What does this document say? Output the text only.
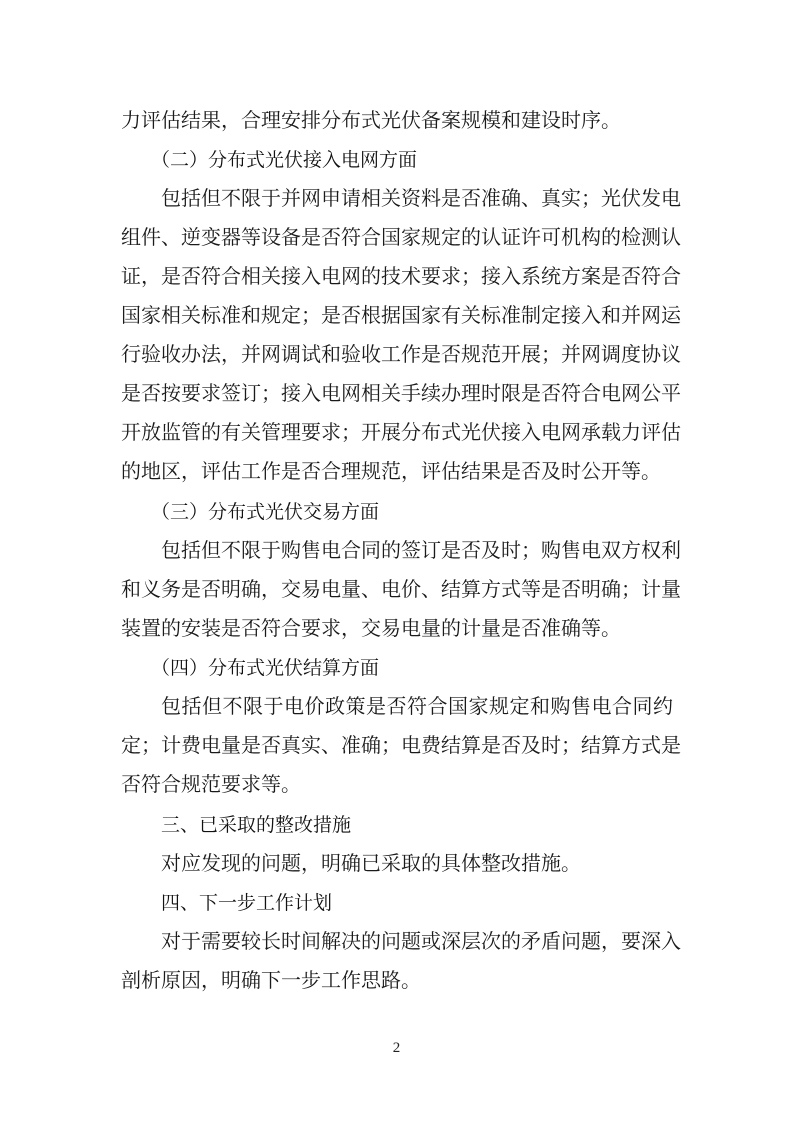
力评估结果，合理安排分布式光伏备案规模和建设时序。
（二）分布式光伏接入电网方面
包括但不限于并网申请相关资料是否准确、真实；光伏发电
组件、逆变器等设备是否符合国家规定的认证许可机构的检测认
证，是否符合相关接入电网的技术要求；接入系统方案是否符合
国家相关标准和规定；是否根据国家有关标准制定接入和并网运
行验收办法，并网调试和验收工作是否规范开展；并网调度协议
是否按要求签订；接入电网相关手续办理时限是否符合电网公平
开放监管的有关管理要求；开展分布式光伏接入电网承载力评估
的地区，评估工作是否合理规范，评估结果是否及时公开等。
（三）分布式光伏交易方面
包括但不限于购售电合同的签订是否及时；购售电双方权利
和义务是否明确，交易电量、电价、结算方式等是否明确；计量
装置的安装是否符合要求，交易电量的计量是否准确等。
（四）分布式光伏结算方面
包括但不限于电价政策是否符合国家规定和购售电合同约
定；计费电量是否真实、准确；电费结算是否及时；结算方式是
否符合规范要求等。
三、已采取的整改措施
对应发现的问题，明确已采取的具体整改措施。
四、下一步工作计划
对于需要较长时间解决的问题或深层次的矛盾问题，要深入
剖析原因，明确下一步工作思路。
2
